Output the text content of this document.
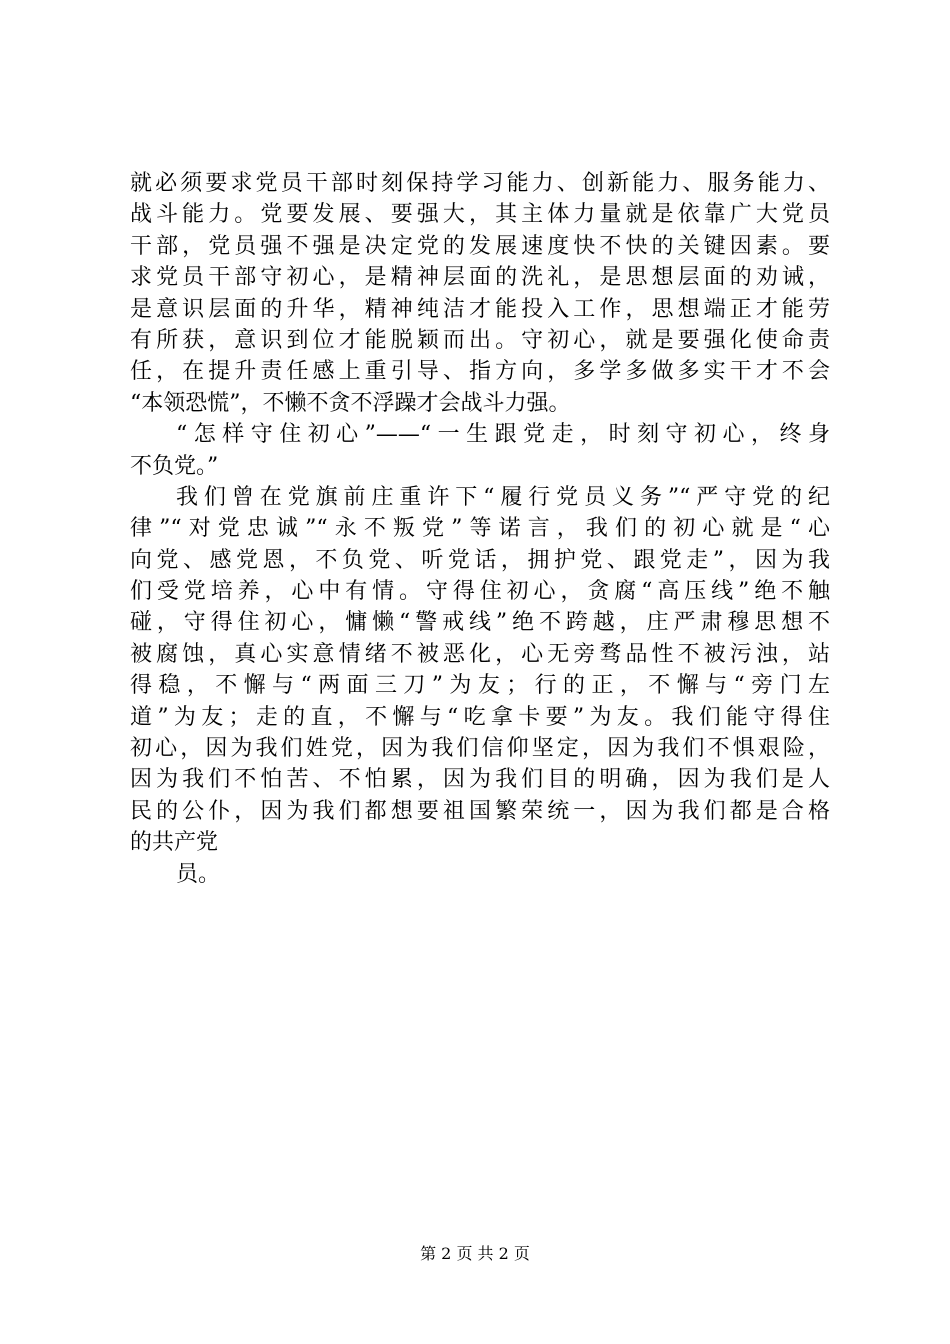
就必须要求党员干部时刻保持学习能力、创新能力、服务能力、
战斗能力。党要发展、要强大，其主体力量就是依靠广大党员
干部，党员强不强是决定党的发展速度快不快的关键因素。要
求党员干部守初心，是精神层面的洗礼，是思想层面的劝诫，
是意识层面的升华，精神纯洁才能投入工作，思想端正才能劳
有所获，意识到位才能脱颖而出。守初心，就是要强化使命责
任，在提升责任感上重引导、指方向，多学多做多实干才不会
“本领恐慌”，不懒不贪不浮躁才会战斗力强。
“怎样守住初心”——“一生跟党走，时刻守初心，终身
不负党。”
我们曾在党旗前庄重许下“履行党员义务”“严守党的纪
律”“对党忠诚”“永不叛党”等诺言，我们的初心就是“心
向党、感党恩，不负党、听党话，拥护党、跟党走”，因为我
们受党培养，心中有情。守得住初心，贪腐“高压线”绝不触
碰，守得住初心，慵懒“警戒线”绝不跨越，庄严肃穆思想不
被腐蚀，真心实意情绪不被恶化，心无旁骛品性不被污浊，站
得稳，不懈与“两面三刀”为友；行的正，不懈与“旁门左
道”为友；走的直，不懈与“吃拿卡要”为友。我们能守得住
初心，因为我们姓党，因为我们信仰坚定，因为我们不惧艰险，
因为我们不怕苦、不怕累，因为我们目的明确，因为我们是人
民的公仆，因为我们都想要祖国繁荣统一，因为我们都是合格
的共产党
员。
第 2 页 共 2 页
